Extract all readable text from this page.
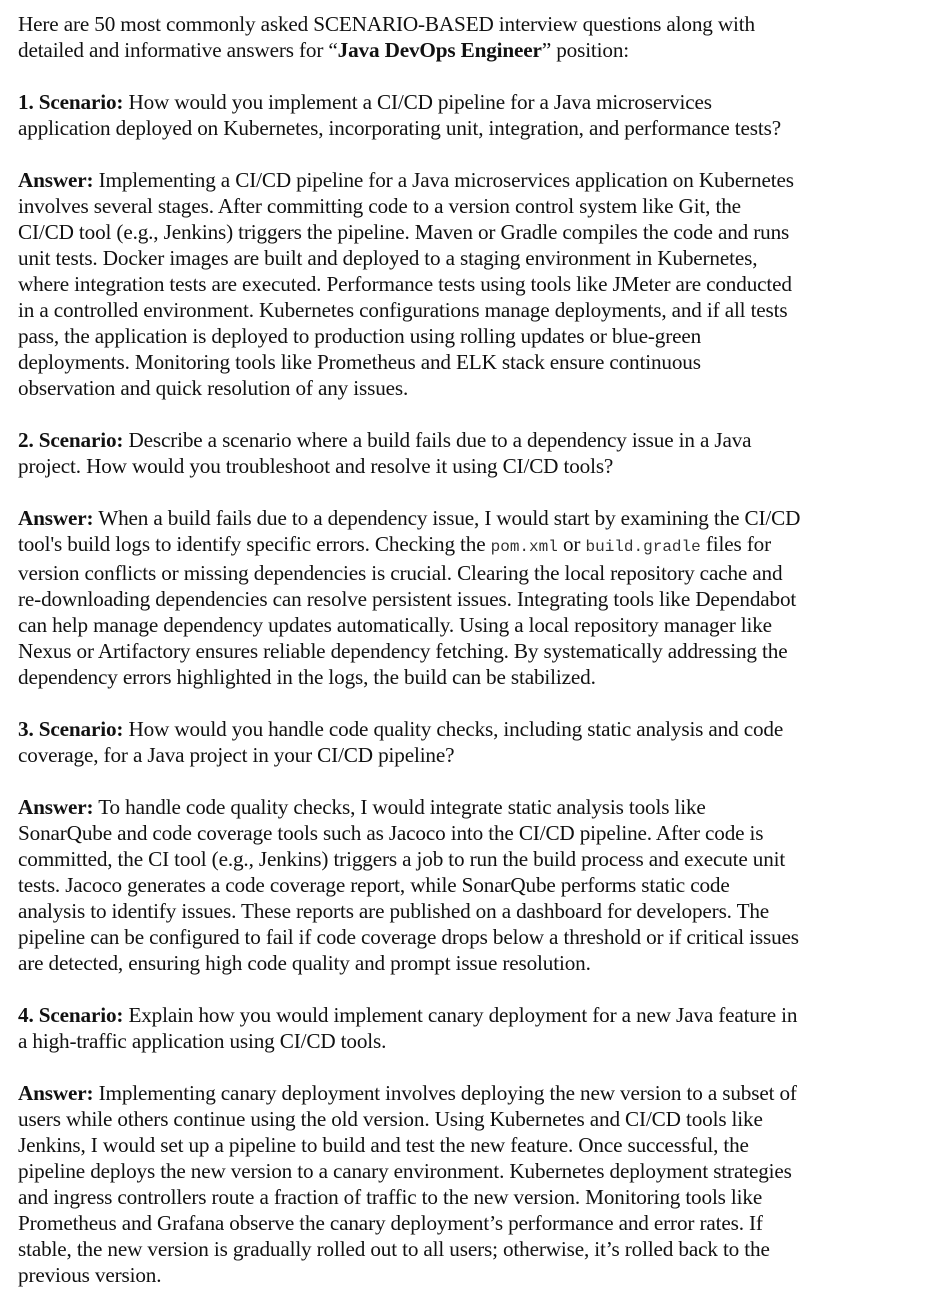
Here are 50 most commonly asked SCENARIO-BASED interview questions along with
detailed and informative answers for “Java DevOps Engineer” position:

1. Scenario: How would you implement a CI/CD pipeline for a Java microservices
application deployed on Kubernetes, incorporating unit, integration, and performance tests?

Answer: Implementing a CI/CD pipeline for a Java microservices application on Kubernetes
involves several stages. After committing code to a version control system like Git, the
CI/CD tool (e.g., Jenkins) triggers the pipeline. Maven or Gradle compiles the code and runs
unit tests. Docker images are built and deployed to a staging environment in Kubernetes,
where integration tests are executed. Performance tests using tools like JMeter are conducted
in a controlled environment. Kubernetes configurations manage deployments, and if all tests
pass, the application is deployed to production using rolling updates or blue-green
deployments. Monitoring tools like Prometheus and ELK stack ensure continuous
observation and quick resolution of any issues.

2. Scenario: Describe a scenario where a build fails due to a dependency issue in a Java
project. How would you troubleshoot and resolve it using CI/CD tools?

Answer: When a build fails due to a dependency issue, I would start by examining the CI/CD
tool's build logs to identify specific errors. Checking the pom.xml or build.gradle files for
version conflicts or missing dependencies is crucial. Clearing the local repository cache and
re-downloading dependencies can resolve persistent issues. Integrating tools like Dependabot
can help manage dependency updates automatically. Using a local repository manager like
Nexus or Artifactory ensures reliable dependency fetching. By systematically addressing the
dependency errors highlighted in the logs, the build can be stabilized.

3. Scenario: How would you handle code quality checks, including static analysis and code
coverage, for a Java project in your CI/CD pipeline?

Answer: To handle code quality checks, I would integrate static analysis tools like
SonarQube and code coverage tools such as Jacoco into the CI/CD pipeline. After code is
committed, the CI tool (e.g., Jenkins) triggers a job to run the build process and execute unit
tests. Jacoco generates a code coverage report, while SonarQube performs static code
analysis to identify issues. These reports are published on a dashboard for developers. The
pipeline can be configured to fail if code coverage drops below a threshold or if critical issues
are detected, ensuring high code quality and prompt issue resolution.

4. Scenario: Explain how you would implement canary deployment for a new Java feature in
a high-traffic application using CI/CD tools.

Answer: Implementing canary deployment involves deploying the new version to a subset of
users while others continue using the old version. Using Kubernetes and CI/CD tools like
Jenkins, I would set up a pipeline to build and test the new feature. Once successful, the
pipeline deploys the new version to a canary environment. Kubernetes deployment strategies
and ingress controllers route a fraction of traffic to the new version. Monitoring tools like
Prometheus and Grafana observe the canary deployment’s performance and error rates. If
stable, the new version is gradually rolled out to all users; otherwise, it’s rolled back to the
previous version.
